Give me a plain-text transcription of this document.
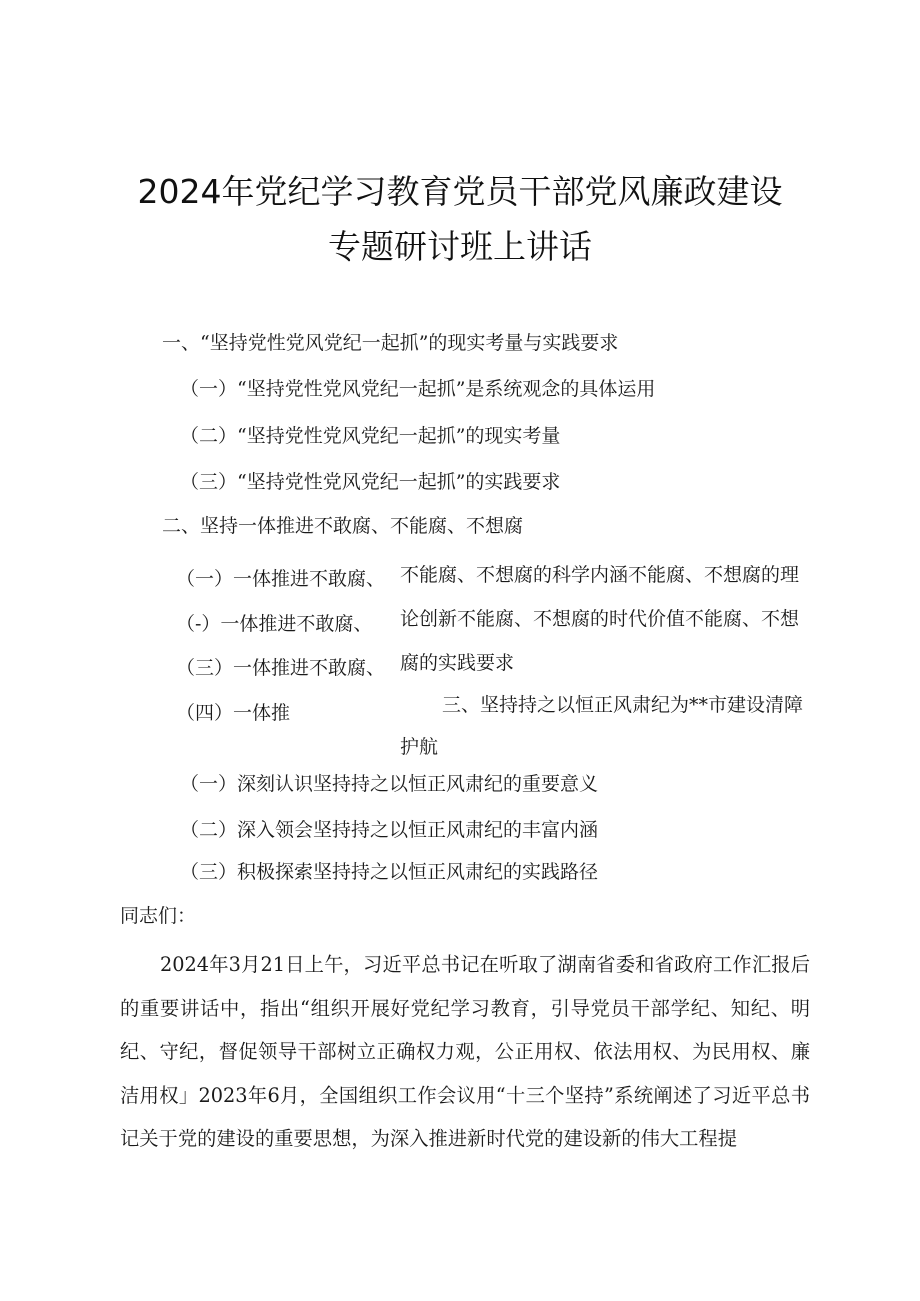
2024年党纪学习教育党员干部党风廉政建设
专题研讨班上讲话

一、“坚持党性党风党纪一起抓”的现实考量与实践要求

（一）“坚持党性党风党纪一起抓”是系统观念的具体运用

（二）“坚持党性党风党纪一起抓”的现实考量

（三）“坚持党性党风党纪一起抓”的实践要求

二、坚持一体推进不敢腐、不能腐、不想腐

（一）一体推进不敢腐、（-）一体推进不敢腐、（三）一体推进不敢腐、（四）一体推
不能腐、不想腐的科学内涵不能腐、不想腐的理论创新不能腐、不想腐的时代价值不能腐、不想腐的实践要求
三、坚持持之以恒正风肃纪为**市建设清障护航

（一）深刻认识坚持持之以恒正风肃纪的重要意义

（二）深入领会坚持持之以恒正风肃纪的丰富内涵

（三）积极探索坚持持之以恒正风肃纪的实践路径

同志们：

2024年3月21日上午，习近平总书记在听取了湖南省委和省政府工作汇报后的重要讲话中，指出“组织开展好党纪学习教育，引导党员干部学纪、知纪、明纪、守纪，督促领导干部树立正确权力观，公正用权、依法用权、为民用权、廉洁用权」2023年6月，全国组织工作会议用“十三个坚持”系统阐述了习近平总书记关于党的建设的重要思想，为深入推进新时代党的建设新的伟大工程提
